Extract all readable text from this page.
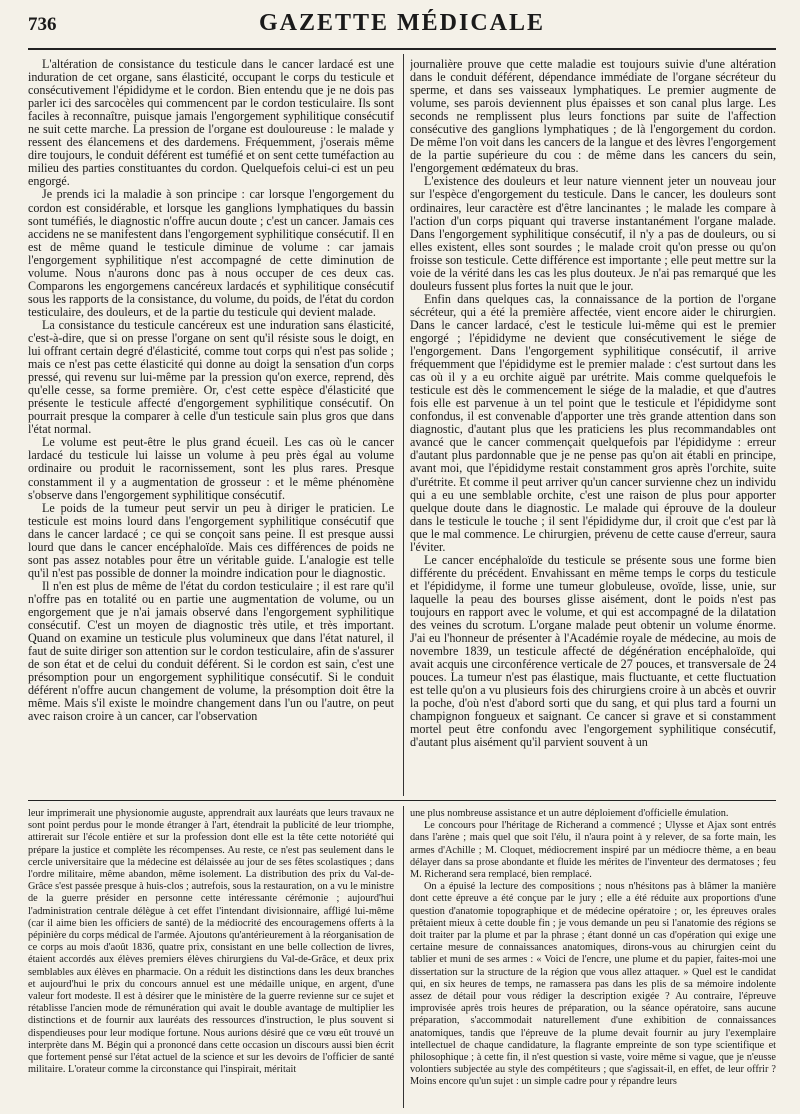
736	GAZETTE MÉDICALE

L'altération de consistance du testicule dans le cancer lardacé est une induration de cet organe, sans élasticité, occupant le corps du testicule et consécutivement l'épididyme et le cordon. Bien entendu que je ne dois pas parler ici des sarcocèles qui commencent par le cordon testiculaire. Ils sont faciles à reconnaître, puisque jamais l'engorgement syphilitique consécutif ne suit cette marche. La pression de l'organe est douloureuse : le malade y ressent des élancemens et des dardemens. Fréquemment, j'oserais même dire toujours, le conduit déférent est tuméfié et on sent cette tuméfaction au milieu des parties constituantes du cordon. Quelquefois celui-ci est un peu engorgé.

Je prends ici la maladie à son principe : car lorsque l'engorgement du cordon est considérable, et lorsque les ganglions lymphatiques du bassin sont tuméfiés, le diagnostic n'offre aucun doute ; c'est un cancer. Jamais ces accidens ne se manifestent dans l'engorgement syphilitique consécutif. Il en est de même quand le testicule diminue de volume : car jamais l'engorgement syphilitique n'est accompagné de cette diminution de volume. Nous n'aurons donc pas à nous occuper de ces deux cas. Comparons les engorgemens cancéreux lardacés et syphilitique consécutif sous les rapports de la consistance, du volume, du poids, de l'état du cordon testiculaire, des douleurs, et de la partie du testicule qui devient malade.

La consistance du testicule cancéreux est une induration sans élasticité, c'est-à-dire, que si on presse l'organe on sent qu'il résiste sous le doigt, en lui offrant certain degré d'élasticité, comme tout corps qui n'est pas solide ; mais ce n'est pas cette élasticité qui donne au doigt la sensation d'un corps pressé, qui revenu sur lui-même par la pression qu'on exerce, reprend, dès qu'elle cesse, sa forme première. Or, c'est cette espèce d'élasticité que présente le testicule affecté d'engorgement syphilitique consécutif. On pourrait presque la comparer à celle d'un testicule sain plus gros que dans l'état normal.

Le volume est peut-être le plus grand écueil. Les cas où le cancer lardacé du testicule lui laisse un volume à peu près égal au volume ordinaire ou produit le racornissement, sont les plus rares. Presque constamment il y a augmentation de grosseur : et le même phénomène s'observe dans l'engorgement syphilitique consécutif.

Le poids de la tumeur peut servir un peu à diriger le praticien. Le testicule est moins lourd dans l'engorgement syphilitique consécutif que dans le cancer lardacé ; ce qui se conçoit sans peine. Il est presque aussi lourd que dans le cancer encéphaloïde. Mais ces différences de poids ne sont pas assez notables pour être un véritable guide. L'analogie est telle qu'il n'est pas possible de donner la moindre indication pour le diagnostic.

Il n'en est plus de même de l'état du cordon testiculaire ; il est rare qu'il n'offre pas en totalité ou en partie une augmentation de volume, ou un engorgement que je n'ai jamais observé dans l'engorgement syphilitique consécutif. C'est un moyen de diagnostic très utile, et très important. Quand on examine un testicule plus volumineux que dans l'état naturel, il faut de suite diriger son attention sur le cordon testiculaire, afin de s'assurer de son état et de celui du conduit déférent. Si le cordon est sain, c'est une présomption pour un engorgement syphilitique consécutif. Si le conduit déférent n'offre aucun changement de volume, la présomption doit être la même. Mais s'il existe le moindre changement dans l'un ou l'autre, on peut avec raison croire à un cancer, car l'observation

journalière prouve que cette maladie est toujours suivie d'une altération dans le conduit déférent, dépendance immédiate de l'organe sécréteur du sperme, et dans ses vaisseaux lymphatiques. Le premier augmente de volume, ses parois deviennent plus épaisses et son canal plus large. Les seconds ne remplissent plus leurs fonctions par suite de l'affection consécutive des ganglions lymphatiques ; de là l'engorgement du cordon. De même l'on voit dans les cancers de la langue et des lèvres l'engorgement de la partie supérieure du cou : de même dans les cancers du sein, l'engorgement œdémateux du bras.

L'existence des douleurs et leur nature viennent jeter un nouveau jour sur l'espèce d'engorgement du testicule. Dans le cancer, les douleurs sont ordinaires, leur caractère est d'être lancinantes ; le malade les compare à l'action d'un corps piquant qui traverse instantanément l'organe malade. Dans l'engorgement syphilitique consécutif, il n'y a pas de douleurs, ou si elles existent, elles sont sourdes ; le malade croit qu'on presse ou qu'on froisse son testicule. Cette différence est importante ; elle peut mettre sur la voie de la vérité dans les cas les plus douteux. Je n'ai pas remarqué que les douleurs fussent plus fortes la nuit que le jour.

Enfin dans quelques cas, la connaissance de la portion de l'organe sécréteur, qui a été la première affectée, vient encore aider le chirurgien. Dans le cancer lardacé, c'est le testicule lui-même qui est le premier engorgé ; l'épididyme ne devient que consécutivement le siége de l'engorgement. Dans l'engorgement syphilitique consécutif, il arrive fréquemment que l'épididyme est le premier malade : c'est surtout dans les cas où il y a eu orchite aiguë par urétrite. Mais comme quelquefois le testicule est dès le commencement le siége de la maladie, et que d'autres fois elle est parvenue à un tel point que le testicule et l'épididyme sont confondus, il est convenable d'apporter une très grande attention dans son diagnostic, d'autant plus que les praticiens les plus recommandables ont avancé que le cancer commençait quelquefois par l'épididyme : erreur d'autant plus pardonnable que je ne pense pas qu'on ait établi en principe, avant moi, que l'épididyme restait constamment gros après l'orchite, suite d'urétrite. Et comme il peut arriver qu'un cancer survienne chez un individu qui a eu une semblable orchite, c'est une raison de plus pour apporter quelque doute dans le diagnostic. Le malade qui éprouve de la douleur dans le testicule le touche ; il sent l'épididyme dur, il croit que c'est par là que le mal commence. Le chirurgien, prévenu de cette cause d'erreur, saura l'éviter.

Le cancer encéphaloïde du testicule se présente sous une forme bien différente du précédent. Envahissant en même temps le corps du testicule et l'épididyme, il forme une tumeur globuleuse, ovoïde, lisse, unie, sur laquelle la peau des bourses glisse aisément, dont le poids n'est pas toujours en rapport avec le volume, et qui est accompagné de la dilatation des veines du scrotum. L'organe malade peut obtenir un volume énorme. J'ai eu l'honneur de présenter à l'Académie royale de médecine, au mois de novembre 1839, un testicule affecté de dégénération encéphaloïde, qui avait acquis une circonférence verticale de 27 pouces, et transversale de 24 pouces. La tumeur n'est pas élastique, mais fluctuante, et cette fluctuation est telle qu'on a vu plusieurs fois des chirurgiens croire à un abcès et ouvrir la poche, d'où n'est d'abord sorti que du sang, et qui plus tard a fourni un champignon fongueux et saignant. Ce cancer si grave et si constamment mortel peut être confondu avec l'engorgement syphilitique consécutif, d'autant plus aisément qu'il parvient souvent à un

leur imprimerait une physionomie auguste, apprendrait aux lauréats que leurs travaux ne sont point perdus pour le monde étranger à l'art, étendrait la publicité de leur triomphe, attirerait sur l'école entière et sur la profession dont elle est la tête cette notoriété qui prépare la justice et complète les récompenses. Au reste, ce n'est pas seulement dans le cercle universitaire que la médecine est délaissée au jour de ses fêtes scolastiques ; dans l'ordre militaire, même abandon, même isolement. La distribution des prix du Val-de-Grâce s'est passée presque à huis-clos ; autrefois, sous la restauration, on a vu le ministre de la guerre présider en personne cette intéressante cérémonie ; aujourd'hui l'administration centrale délègue à cet effet l'intendant divisionnaire, affligé lui-même (car il aime bien les officiers de santé) de la médiocrité des encouragemens offerts à la pépinière du corps médical de l'armée. Ajoutons qu'antérieurement à la réorganisation de ce corps au mois d'août 1836, quatre prix, consistant en une belle collection de livres, étaient accordés aux élèves premiers élèves chirurgiens du Val-de-Grâce, et deux prix semblables aux élèves en pharmacie. On a réduit les distinctions dans les deux branches et aujourd'hui le prix du concours annuel est une médaille unique, en argent, d'une valeur fort modeste. Il est à désirer que le ministère de la guerre revienne sur ce sujet et rétablisse l'ancien mode de rémunération qui avait le double avantage de multiplier les distinctions et de fournir aux lauréats des ressources d'instruction, le plus souvent si dispendieuses pour leur modique fortune. Nous aurions désiré que ce vœu eût trouvé un interprète dans M. Bégin qui a prononcé dans cette occasion un discours aussi bien écrit que fortement pensé sur l'état actuel de la science et sur les devoirs de l'officier de santé militaire. L'orateur comme la circonstance qui l'inspirait, méritait

une plus nombreuse assistance et un autre déploiement d'officielle émulation.

Le concours pour l'héritage de Richerand a commencé ; Ulysse et Ajax sont entrés dans l'arène ; mais quel que soit l'élu, il n'aura point à y relever, de sa forte main, les armes d'Achille ; M. Cloquet, médiocrement inspiré par un médiocre thème, a en beau délayer dans sa prose abondante et fluide les mérites de l'inventeur des dermatoses ; feu M. Richerand sera remplacé, bien remplacé.

On a épuisé la lecture des compositions ; nous n'hésitons pas à blâmer la manière dont cette épreuve a été conçue par le jury ; elle a été réduite aux proportions d'une question d'anatomie topographique et de médecine opératoire ; or, les épreuves orales prêtaient mieux à cette double fin ; je vous demande un peu si l'anatomie des régions se doit traiter par la plume et par la phrase ; étant donné un cas d'opération qui exige une certaine mesure de connaissances anatomiques, dirons-vous au chirurgien ceint du tablier et muni de ses armes : « Voici de l'encre, une plume et du papier, faites-moi une dissertation sur la structure de la région que vous allez attaquer. » Quel est le candidat qui, en six heures de temps, ne ramassera pas dans les plis de sa mémoire indolente assez de détail pour vous rédiger la description exigée ? Au contraire, l'épreuve improvisée après trois heures de préparation, ou la séance opératoire, sans aucune préparation, s'accommodait naturellement d'une exhibition de connaissances anatomiques, tandis que l'épreuve de la plume devait fournir au jury l'exemplaire intellectuel de chaque candidature, la flagrante empreinte de son type scientifique et philosophique ; à cette fin, il n'est question si vaste, voire même si vague, que je n'eusse volontiers subjectée au style des compétiteurs ; que s'agissait-il, en effet, de leur offrir ? Moins encore qu'un sujet : un simple cadre pour y répandre leurs
